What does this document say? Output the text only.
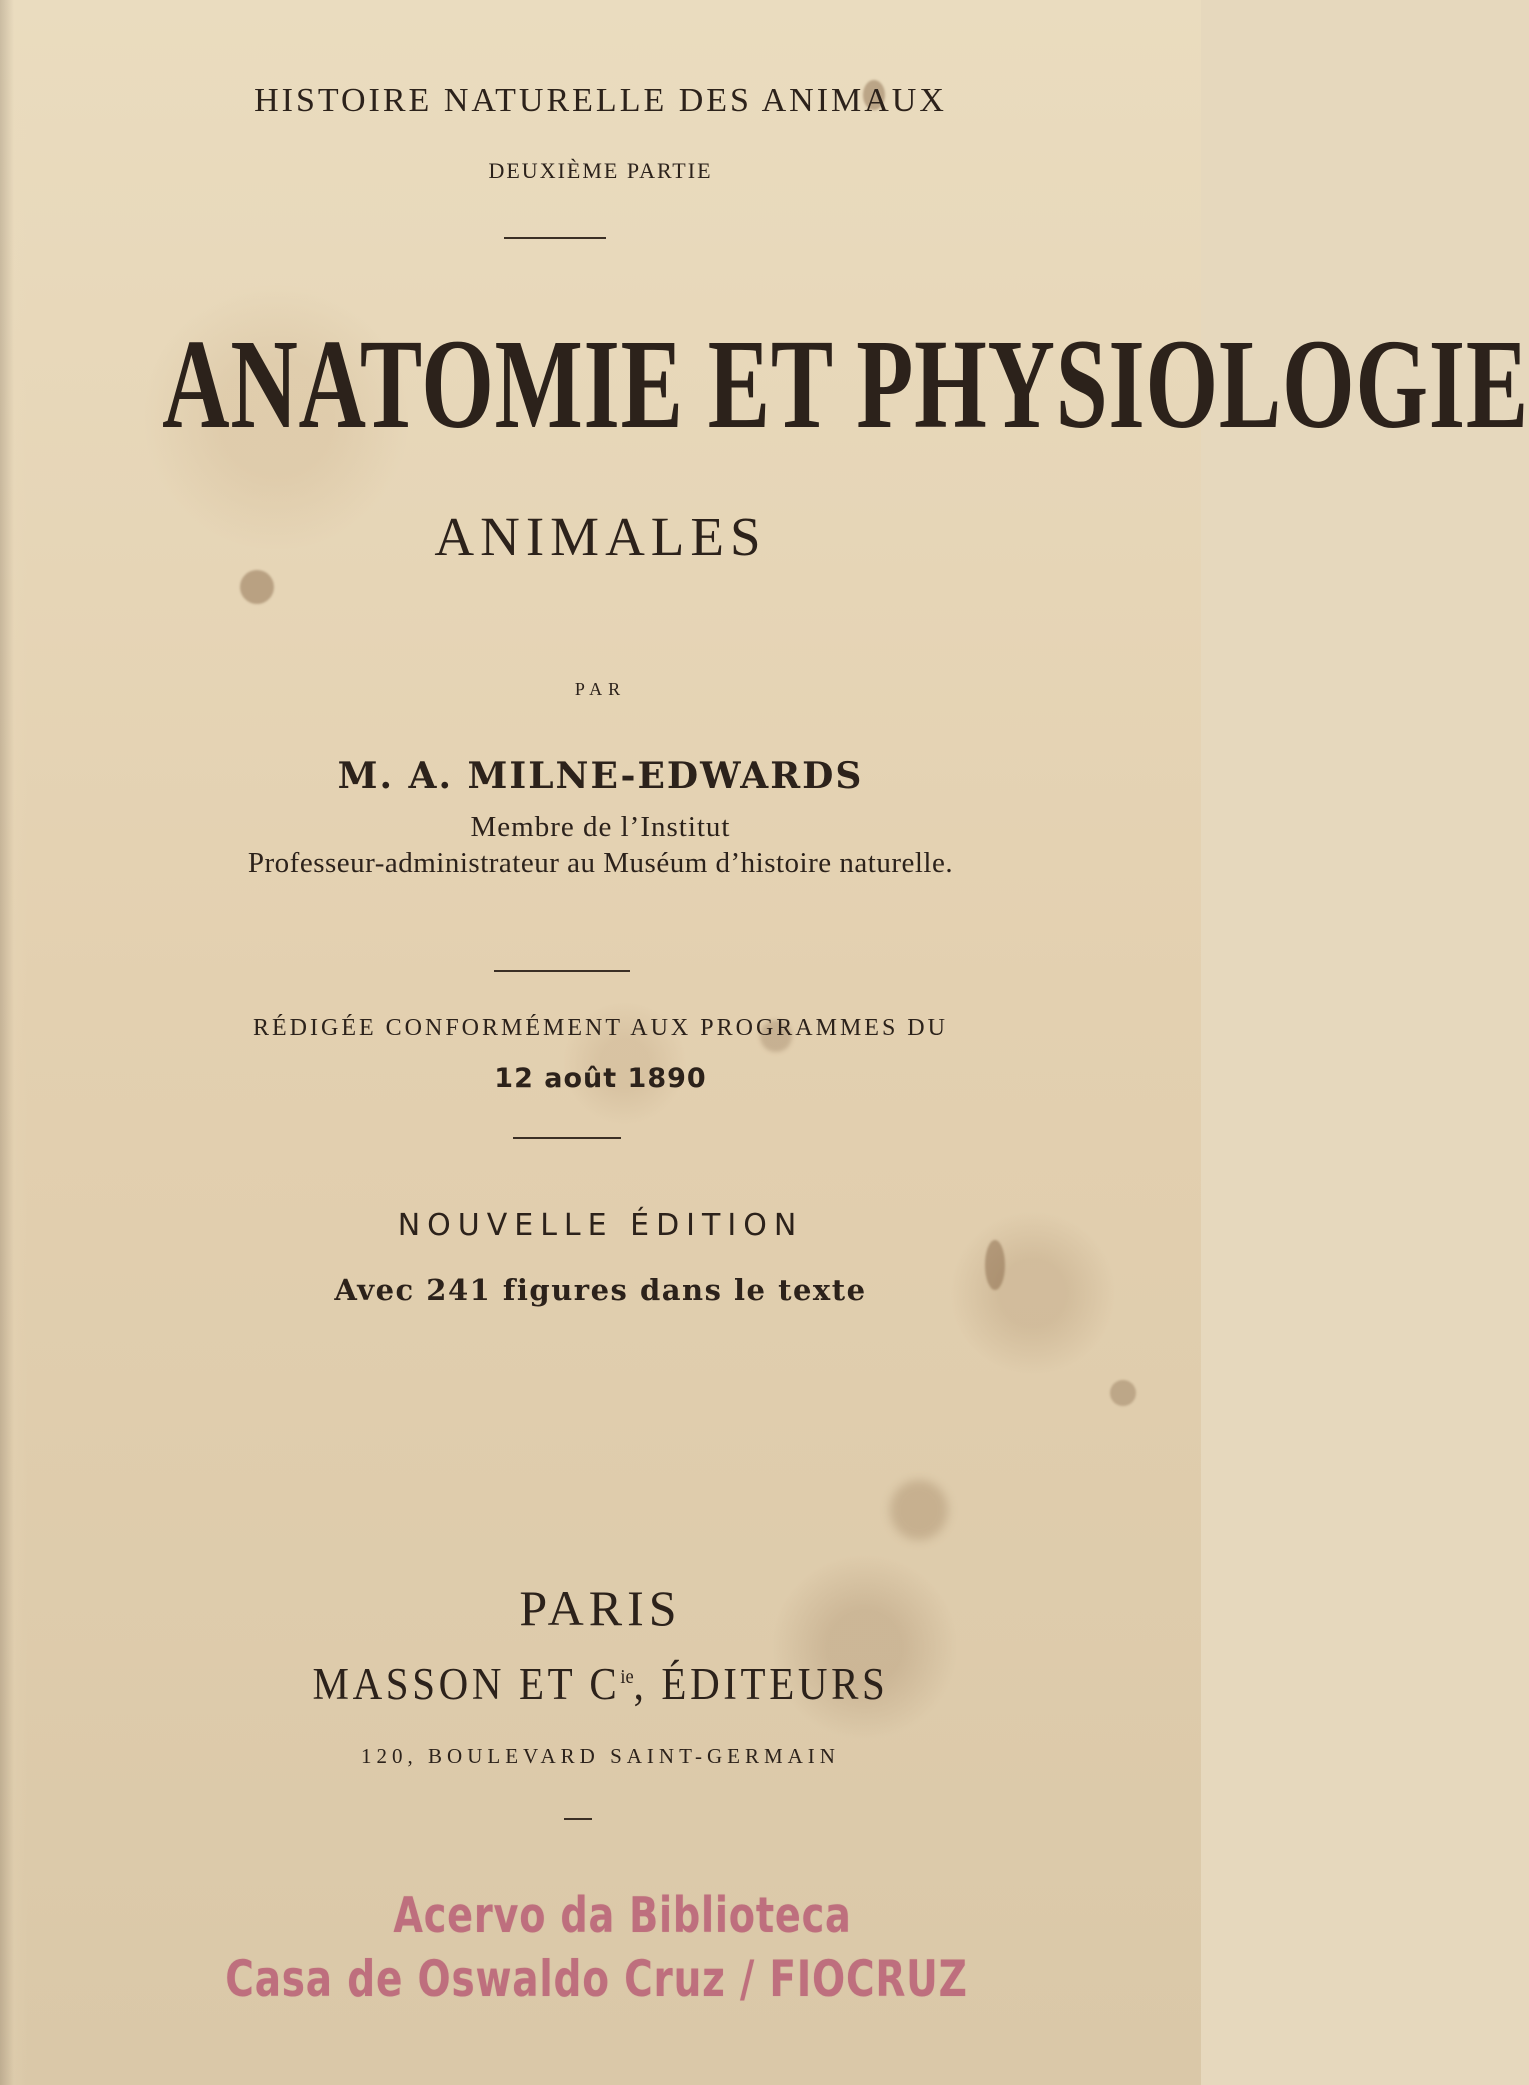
HISTOIRE NATURELLE DES ANIMAUX

DEUXIÈME PARTIE

ANATOMIE ET PHYSIOLOGIE
ANIMALES

PAR

M. A. MILNE-EDWARDS

Membre de l’Institut

Professeur-administrateur au Muséum d’histoire naturelle.

RÉDIGÉE CONFORMÉMENT AUX PROGRAMMES DU

12 août 1890

NOUVELLE ÉDITION

Avec 241 figures dans le texte

PARIS

MASSON ET $C^{ie}$, ÉDITEURS

120, BOULEVARD SAINT-GERMAIN

Acervo da Biblioteca
Casa de Oswaldo Cruz / FIOCRUZ
